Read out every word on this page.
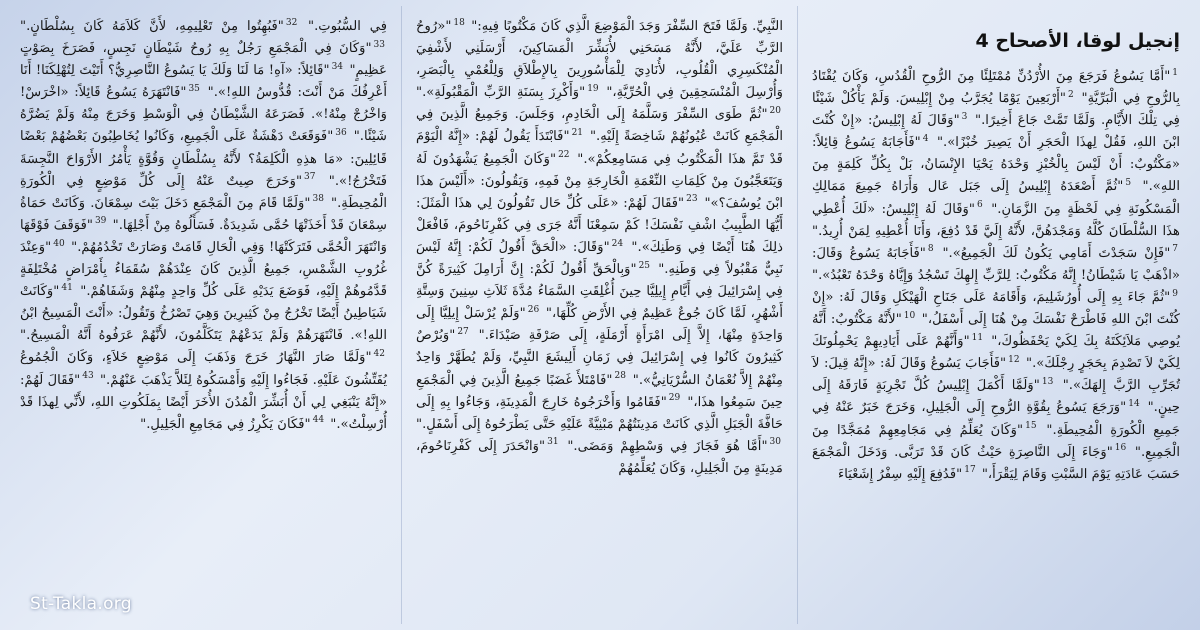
إنجيل لوقا، الأصحاح 4

$^1$"أَمَّا يَسُوعُ فَرَجَعَ مِنَ الأُرْدُنِّ مُمْتَلِئًا مِنَ الرُّوحِ الْقُدُسِ، وَكَانَ يُقْتَادُ بِالرُّوحِ فِي الْبَرِّيَّةِ" $^2$"أَرْبَعِينَ يَوْمًا يُجَرَّبُ مِنْ إِبْلِيسَ. وَلَمْ يَأْكُلْ شَيْئًا فِي تِلْكَ الأَيَّامِ. وَلَمَّا تَمَّتْ جَاعَ أَخِيرًا." $^3$"وَقَالَ لَهُ إِبْلِيسُ: «إِنْ كُنْتَ ابْنَ اللهِ، فَقُلْ لِهذَا الْحَجَرِ أَنْ يَصِيرَ خُبْزًا»." $^4$"فَأَجَابَهُ يَسُوعُ قِائِلاً: «مَكْتُوبٌ: أَنْ لَيْسَ بِالْخُبْزِ وَحْدَهُ يَحْيَا الإِنْسَانُ، بَلْ بِكُلِّ كَلِمَةٍ مِنَ اللهِ»." $^5$"ثُمَّ أَصْعَدَهُ إِبْلِيسُ إِلَى جَبَل عَال وَأَرَاهُ جَمِيعَ مَمَالِكِ الْمَسْكُونَةِ فِي لَحْظَةٍ مِنَ الزَّمَانِ." $^6$"وَقَالَ لَهُ إِبْلِيسُ: «لَكَ أُعْطِي هذَا السُّلْطَانَ كُلَّهُ وَمَجْدَهُنَّ، لأَنَّهُ إِلَيَّ قَدْ دُفِعَ، وَأَنَا أُعْطِيهِ لِمَنْ أُرِيدُ." $^7$"فَإِنْ سَجَدْتَ أَمَامِي يَكُونُ لَكَ الْجَمِيعُ»." $^8$"فَأَجَابَهُ يَسُوعُ وَقَالَ: «اذْهَبْ يَا شَيْطَانُ! إِنَّهُ مَكْتُوبٌ: لِلرَّبِّ إِلهِكَ تَسْجُدُ وَإِيَّاهُ وَحْدَهُ تَعْبُدُ»." $^9$"ثُمَّ جَاءَ بِهِ إِلَى أُورُشَلِيمَ، وَأَقَامَهُ عَلَى جَنَاحِ الْهَيْكَلِ وَقَالَ لَهُ: «إِنْ كُنْتَ ابْنَ اللهِ فَاطْرَحْ نَفْسَكَ مِنْ هُنَا إِلَى أَسْفَلُ،" $^{10}$"لأَنَّهُ مَكْتُوبٌ: أَنَّهُ يُوصِي مَلاَئِكَتَهُ بِكَ لِكَيْ يَحْفَظُوكَ،" $^{11}$"وَأَنَّهُمْ عَلَى أَيَادِيهِمْ يَحْمِلُونَكَ لِكَيْ لاَ تَصْدِمَ بِحَجَرٍ رِجْلَكَ»." $^{12}$"فَأَجَابَ يَسُوعُ وَقَالَ لَهُ: «إِنَّهُ قِيلَ: لاَ تُجَرِّبِ الرَّبَّ إِلهَكَ»." $^{13}$"وَلَمَّا أَكْمَلَ إِبْلِيسُ كُلَّ تَجْرِبَةٍ فَارَقَهُ إِلَى حِينٍ." $^{14}$"وَرَجَعَ يَسُوعُ بِقُوَّةِ الرُّوحِ إِلَى الْجَلِيلِ، وَخَرَجَ خَبَرٌ عَنْهُ فِي جَمِيعِ الْكُورَةِ الْمُحِيطَةِ." $^{15}$"وَكَانَ يُعَلِّمُ فِي مَجَامِعِهِمْ مُمَجَّدًا مِنَ الْجَمِيعِ." $^{16}$"وَجَاءَ إِلَى النَّاصِرَةِ حَيْثُ كَانَ قَدْ تَرَبَّى. وَدَخَلَ الْمَجْمَعَ حَسَبَ عَادَتِهِ يَوْمَ السَّبْتِ وَقَامَ لِيَقْرَأَ،" $^{17}$"فَدُفِعَ إِلَيْهِ سِفْرُ إِشَعْيَاءَ

النَّبِيِّ. وَلَمَّا فَتَحَ السِّفْرَ وَجَدَ الْمَوْضِعَ الَّذِي كَانَ مَكْتُوبًا فِيهِ:" $^{18}$"«رُوحُ الرَّبِّ عَلَيَّ، لأَنَّهُ مَسَحَنِي لأُبَشِّرَ الْمَسَاكِينَ، أَرْسَلَنِي لأَشْفِيَ الْمُنْكَسِرِي الْقُلُوبِ، لأُنَادِيَ لِلْمَأْسُورِينَ بِالإِطْلاَقِ وَلِلْعُمْيِ بِالْبَصَرِ، وَأُرْسِلَ الْمُنْسَحِقِينَ فِي الْحُرِّيَّةِ،" $^{19}$"وَأَكْرِزَ بِسَنَةِ الرَّبِّ الْمَقْبُولَةِ»." $^{20}$"ثُمَّ طَوَى السِّفْرَ وَسَلَّمَهُ إِلَى الْخَادِمِ، وَجَلَسَ. وَجَمِيعُ الَّذِينَ فِي الْمَجْمَعِ كَانَتْ عُيُونُهُمْ شَاخِصَةً إِلَيْهِ." $^{21}$"فَابْتَدَأَ يَقُولُ لَهُمْ: «إِنَّهُ الْيَوْمَ قَدْ تَمَّ هذَا الْمَكْتُوبُ فِي مَسَامِعِكُمْ»." $^{22}$"وَكَانَ الْجَمِيعُ يَشْهَدُونَ لَهُ وَيَتَعَجَّبُونَ مِنْ كَلِمَاتِ النِّعْمَةِ الْخَارِجَةِ مِنْ فَمِهِ، وَيَقُولُونَ: «أَلَيْسَ هذَا ابْنَ يُوسُفَ؟»" $^{23}$"فَقَالَ لَهُمْ: «عَلَى كُلِّ حَال تَقُولُونَ لِي هذَا الْمَثَلَ: أَيُّهَا الطَّبِيبُ اشْفِ نَفْسَكَ! كَمْ سَمِعْنَا أَنَّهُ جَرَى فِي كَفْرِنَاحُومَ، فَافْعَلْ ذلِكَ هُنَا أَيْضًا فِي وَطَنِكَ»." $^{24}$"وَقَالَ: «الْحَقَّ أَقُولُ لَكُمْ: إِنَّهُ لَيْسَ نَبِيٌّ مَقْبُولاً فِي وَطَنِهِ." $^{25}$"وَبِالْحَقِّ أَقُولُ لَكُمْ: إِنَّ أَرَامِلَ كَثِيرَةً كُنَّ فِي إِسْرَائِيلَ فِي أَيَّامِ إِيلِيَّا حِينَ أُغْلِقَتِ السَّمَاءُ مُدَّةَ ثَلاَثِ سِنِينَ وَسِتَّةِ أَشْهُرٍ، لَمَّا كَانَ جُوعٌ عَظِيمٌ فِي الأَرْضِ كُلِّهَا،" $^{26}$"وَلَمْ يُرْسَلْ إِيلِيَّا إِلَى وَاحِدَةٍ مِنْهَا، إِلاَّ إِلَى امْرَأَةٍ أَرْمَلَةٍ، إِلَى صَرْفَةِ صَيْدَاءَ." $^{27}$"وَبُرْصٌ كَثِيرُونَ كَانُوا فِي إِسْرَائِيلَ فِي زَمَانِ أَلِيشَعَ النَّبِيِّ، وَلَمْ يُطَهَّرْ وَاحِدٌ مِنْهُمْ إِلاَّ نُعْمَانُ السُّرْيَانِيُّ»." $^{28}$"فَامْتَلأَ غَضَبًا جَمِيعُ الَّذِينَ فِي الْمَجْمَعِ حِينَ سَمِعُوا هذَا،" $^{29}$"فَقَامُوا وَأَخْرَجُوهُ خَارِجَ الْمَدِينَةِ، وَجَاءُوا بِهِ إِلَى حَافَّةَ الْجَبَلِ الَّذِي كَانَتْ مَدِينَتُهُمْ مَبْنِيَّةً عَلَيْهِ حَتَّى يَطْرَحُوهُ إِلَى أَسْفَلٍ." $^{30}$"أَمَّا هُوَ فَجَازَ فِي وَسْطِهِمْ وَمَضَى." $^{31}$"وَانْحَدَرَ إِلَى كَفْرِنَاحُومَ، مَدِينَةٍ مِنَ الْجَلِيلِ، وَكَانَ يُعَلِّمُهُمْ

فِي السُّبُوتِ." $^{32}$"فَبُهِتُوا مِنْ تَعْلِيمِهِ، لأَنَّ كَلاَمَهُ كَانَ بِسُلْطَانٍ." $^{33}$"وَكَانَ فِي الْمَجْمَعِ رَجُلٌ بِهِ رُوحُ شَيْطَانٍ نَجِسٍ، فَصَرَخَ بِصَوْتٍ عَظِيمٍ" $^{34}$"قَائِلاً: «آهِ! مَا لَنَا وَلَكَ يَا يَسُوعُ النَّاصِرِيُّ؟ أَتَيْتَ لِتُهْلِكَنَا! أَنَا أَعْرِفُكَ مَنْ أَنْتَ: قُدُّوسُ اللهِ!»." $^{35}$"فَانْتَهَرَهُ يَسُوعُ قَائِلاً: «اخْرَسْ! وَاخْرُجْ مِنْهُ!». فَصَرَعَهُ الشَّيْطَانُ فِي الْوَسْطِ وَخَرَجَ مِنْهُ وَلَمْ يَضُرَّهُ شَيْئًا." $^{36}$"فَوَقَعَتْ دَهْشَةٌ عَلَى الْجَمِيعِ، وَكَانُوا يُخَاطِبُونَ بَعْضُهُمْ بَعْضًا قَائِلِينَ: «مَا هذِهِ الْكَلِمَةُ؟ لأَنَّهُ بِسُلْطَانٍ وَقُوَّةٍ يَأْمُرُ الأَرْوَاحَ النَّجِسَةَ فَتَخْرُجُ!»." $^{37}$"وَخَرَجَ صِيتٌ عَنْهُ إِلَى كُلِّ مَوْضِعٍ فِي الْكُورَةِ الْمُحِيطَةِ." $^{38}$"وَلَمَّا قَامَ مِنَ الْمَجْمَعِ دَخَلَ بَيْتَ سِمْعَانَ. وَكَانَتْ حَمَاةُ سِمْعَانَ قَدْ أَخَذَتْهَا حُمَّى شَدِيدَةٌ. فَسَأَلُوهُ مِنْ أَجْلِهَا." $^{39}$"فَوَقَفَ فَوْقَهَا وَانْتَهَرَ الْحُمَّى فَتَرَكَتْهَا! وَفِي الْحَالِ قَامَتْ وَصَارَتْ تَخْدُمُهُمْ." $^{40}$"وَعِنْدَ غُرُوبِ الشَّمْسِ، جَمِيعُ الَّذِينَ كَانَ عِنْدَهُمْ سُقَمَاءُ بِأَمْرَاضٍ مُخْتَلِفَةٍ قَدَّمُوهُمْ إِلَيْهِ، فَوَضَعَ يَدَيْهِ عَلَى كُلِّ وَاحِدٍ مِنْهُمْ وَشَفَاهُمْ." $^{41}$"وَكَانَتْ شَيَاطِينُ أَيْضًا تَخْرُجُ مِنْ كَثِيرِينَ وَهِيَ تَصْرُخُ وَتَقُولُ: «أَنْتَ الْمَسِيحُ ابْنُ اللهِ!». فَانْتَهَرَهُمْ وَلَمْ يَدَعْهُمْ يَتَكَلَّمُونَ، لأَنَّهُمْ عَرَفُوهُ أَنَّهُ الْمَسِيحُ." $^{42}$"وَلَمَّا صَارَ النَّهَارُ خَرَجَ وَذَهَبَ إِلَى مَوْضِعٍ خَلاَءٍ، وَكَانَ الْجُمُوعُ يُفَتِّشُونَ عَلَيْهِ. فَجَاءُوا إِلَيْهِ وَأَمْسَكُوهُ لِئَلاَّ يَذْهَبَ عَنْهُمْ." $^{43}$"فَقَالَ لَهُمْ: «إِنَّهُ يَنْبَغِي لِي أَنْ أُبَشِّرَ الْمُدُنَ الأُخَرَ أَيْضًا بِمَلَكُوتِ اللهِ، لأَنِّي لِهذَا قَدْ أُرْسِلْتُ»." $^{44}$"فَكَانَ يَكْرِزُ فِي مَجَامِعِ الْجَلِيلِ."

St-Takla.org
